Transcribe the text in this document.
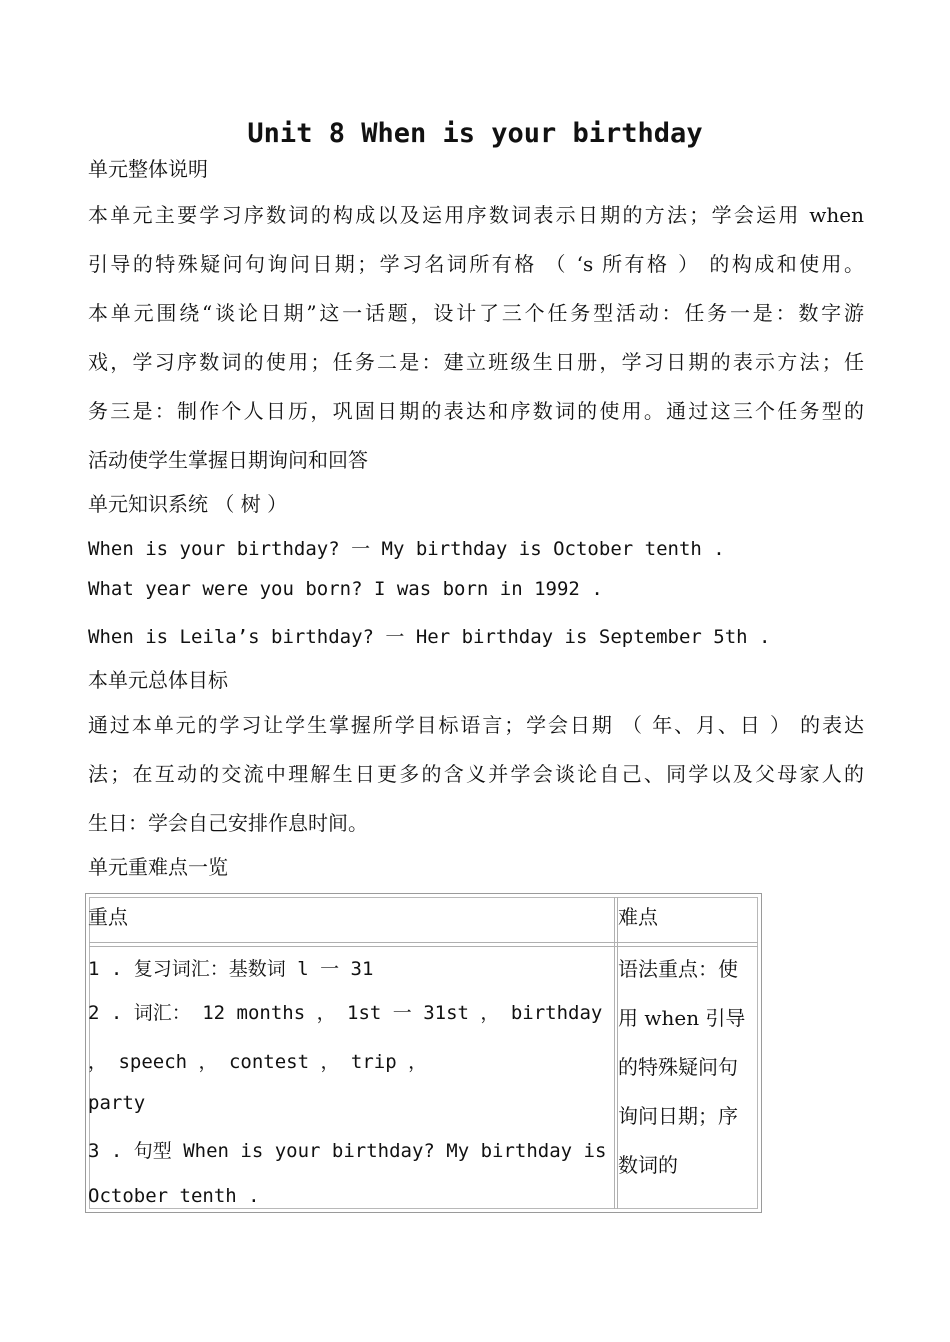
Unit 8 When is your birthday
单元整体说明
本单元主要学习序数词的构成以及运用序数词表示日期的方法；学会运用 when
引导的特殊疑问句询问日期；学习名词所有格 （ ‘s 所有格 ） 的构成和使用。
本单元围绕“谈论日期”这一话题，设计了三个任务型活动：任务一是：数字游
戏，学习序数词的使用；任务二是：建立班级生日册，学习日期的表示方法；任
务三是：制作个人日历，巩固日期的表达和序数词的使用。通过这三个任务型的
活动使学生掌握日期询问和回答
单元知识系统 （ 树 ）
When is your birthday? 一 My birthday is October tenth .
What year were you born? I was born in 1992 .
When is Leila’s birthday? 一 Her birthday is September 5th .
本单元总体目标
通过本单元的学习让学生掌握所学目标语言；学会日期 （ 年、月、日 ） 的表达
法；在互动的交流中理解生日更多的含义并学会谈论自己、同学以及父母家人的
生日：学会自己安排作息时间。
单元重难点一览
重点	难点
1 . 复习词汇：基数词 l 一 31
2 . 词汇： 12 months ， 1st 一 31st ， birthday
， speech ， contest ， trip ，
party
3 . 句型 When is your birthday? My birthday is
October tenth .
语法重点：使
用 when 引导
的特殊疑问句
询问日期；序
数词的
